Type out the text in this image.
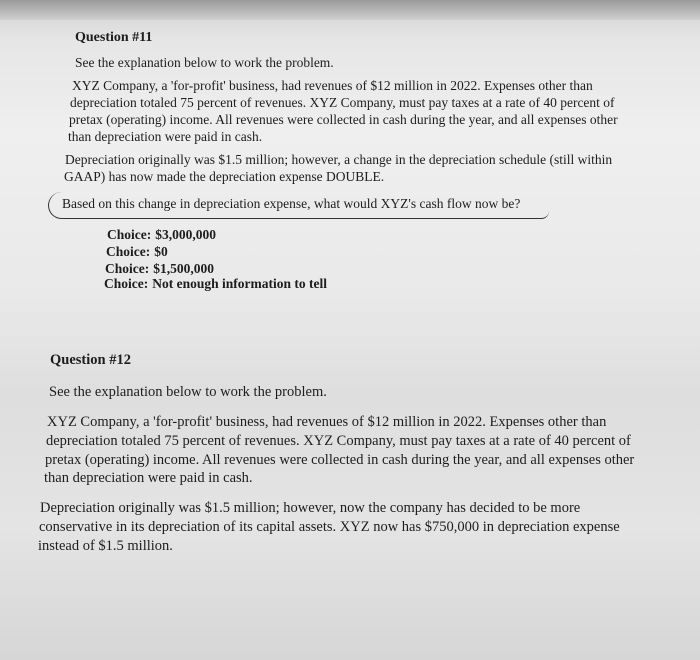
Question #11
See the explanation below to work the problem.
XYZ Company, a 'for-profit' business, had revenues of $12 million in 2022. Expenses other than
depreciation totaled 75 percent of revenues. XYZ Company, must pay taxes at a rate of 40 percent of
pretax (operating) income. All revenues were collected in cash during the year, and all expenses other
than depreciation were paid in cash.
Depreciation originally was $1.5 million; however, a change in the depreciation schedule (still within
GAAP) has now made the depreciation expense DOUBLE.
Based on this change in depreciation expense, what would XYZ's cash flow now be?
Choice: $3,000,000
Choice: $0
Choice: $1,500,000
Choice: Not enough information to tell
Question #12
See the explanation below to work the problem.
XYZ Company, a 'for-profit' business, had revenues of $12 million in 2022. Expenses other than
depreciation totaled 75 percent of revenues. XYZ Company, must pay taxes at a rate of 40 percent of
pretax (operating) income. All revenues were collected in cash during the year, and all expenses other
than depreciation were paid in cash.
Depreciation originally was $1.5 million; however, now the company has decided to be more
conservative in its depreciation of its capital assets. XYZ now has $750,000 in depreciation expense
instead of $1.5 million.
